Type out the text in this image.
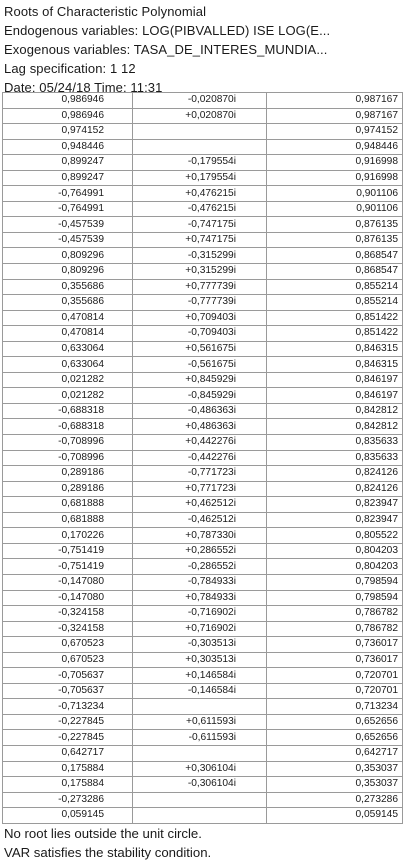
Roots of Characteristic Polynomial
Endogenous variables: LOG(PIBVALLED) ISE LOG(E...
Exogenous variables: TASA_DE_INTERES_MUNDIA...
Lag specification: 1 12
Date: 05/24/18 Time: 11:31
0,986946	-0,020870i	0,987167
0,986946	+0,020870i	0,987167
0,974152		0,974152
0,948446		0,948446
0,899247	-0,179554i	0,916998
0,899247	+0,179554i	0,916998
-0,764991	+0,476215i	0,901106
-0,764991	-0,476215i	0,901106
-0,457539	-0,747175i	0,876135
-0,457539	+0,747175i	0,876135
0,809296	-0,315299i	0,868547
0,809296	+0,315299i	0,868547
0,355686	+0,777739i	0,855214
0,355686	-0,777739i	0,855214
0,470814	+0,709403i	0,851422
0,470814	-0,709403i	0,851422
0,633064	+0,561675i	0,846315
0,633064	-0,561675i	0,846315
0,021282	+0,845929i	0,846197
0,021282	-0,845929i	0,846197
-0,688318	-0,486363i	0,842812
-0,688318	+0,486363i	0,842812
-0,708996	+0,442276i	0,835633
-0,708996	-0,442276i	0,835633
0,289186	-0,771723i	0,824126
0,289186	+0,771723i	0,824126
0,681888	+0,462512i	0,823947
0,681888	-0,462512i	0,823947
0,170226	+0,787330i	0,805522
-0,751419	+0,286552i	0,804203
-0,751419	-0,286552i	0,804203
-0,147080	-0,784933i	0,798594
-0,147080	+0,784933i	0,798594
-0,324158	-0,716902i	0,786782
-0,324158	+0,716902i	0,786782
0,670523	-0,303513i	0,736017
0,670523	+0,303513i	0,736017
-0,705637	+0,146584i	0,720701
-0,705637	-0,146584i	0,720701
-0,713234		0,713234
-0,227845	+0,611593i	0,652656
-0,227845	-0,611593i	0,652656
0,642717		0,642717
0,175884	+0,306104i	0,353037
0,175884	-0,306104i	0,353037
-0,273286		0,273286
0,059145		0,059145
No root lies outside the unit circle.
VAR satisfies the stability condition.
